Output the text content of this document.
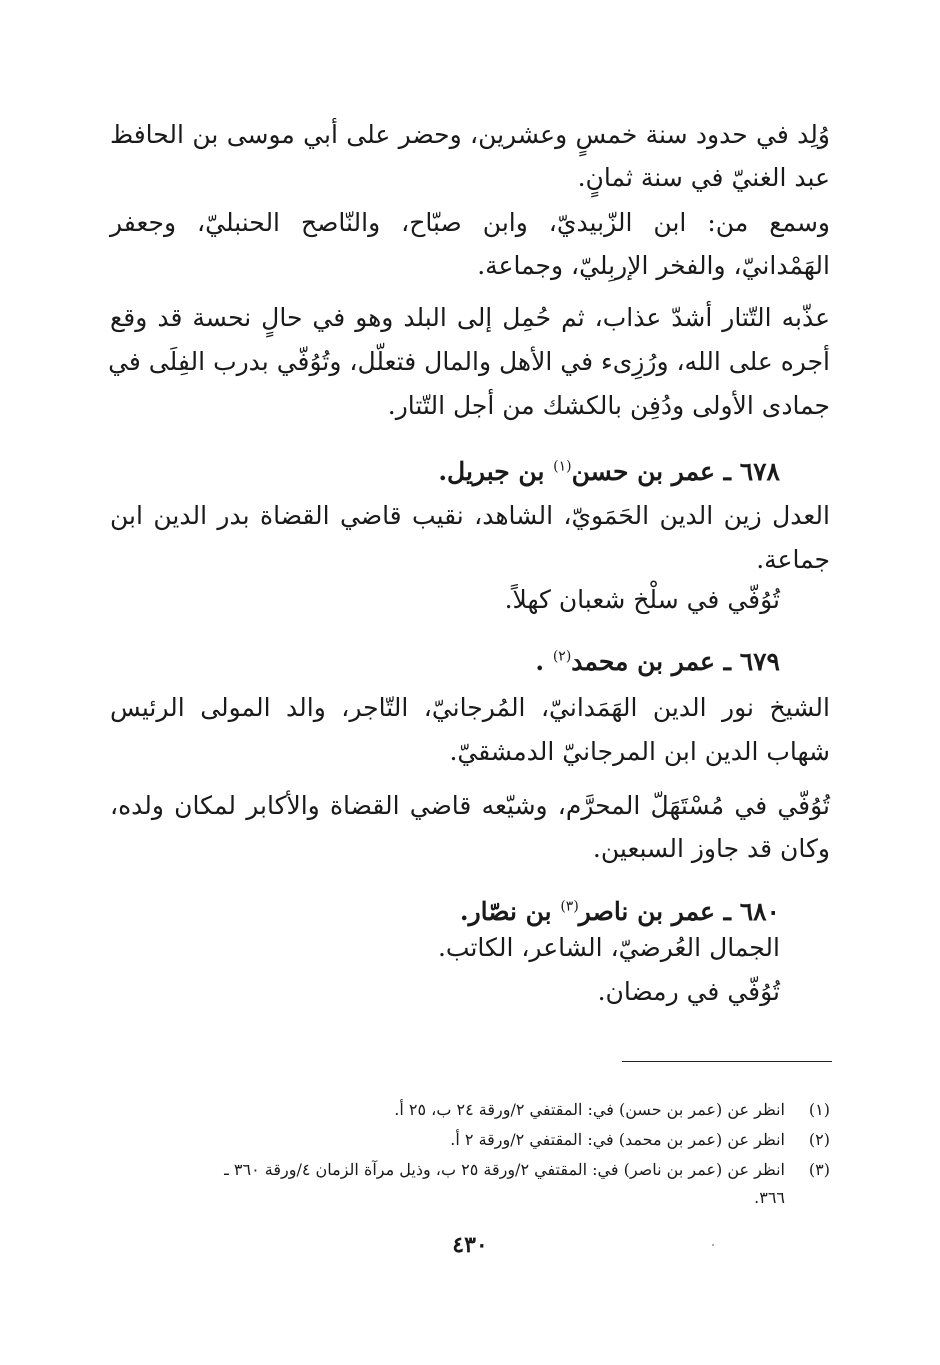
وُلِد في حدود سنة خمسٍ وعشرين، وحضر على أبي موسى بن الحافظ
عبد الغنيّ في سنة ثمانٍ.
وسمع من: ابن الزّبيديّ، وابن صبّاح، والنّاصح الحنبليّ، وجعفر
الهَمْدانيّ، والفخر الإربِليّ، وجماعة.
عذّبه التّتار أشدّ عذاب، ثم حُمِل إلى البلد وهو في حالٍ نحسة قد وقع
أجره على الله، ورُزِىء في الأهل والمال فتعلّل، وتُوُفّي بدرب الفِلَى في
جمادى الأولى ودُفِن بالكشك من أجل التّتار.
٦٧٨ ـ عمر بن حسن$^{(١)}$ بن جبريل.
العدل زين الدين الحَمَويّ، الشاهد، نقيب قاضي القضاة بدر الدين ابن
جماعة.
تُوُفّي في سلْخ شعبان كهلاً.
٦٧٩ ـ عمر بن محمد$^{(٢)}$ .
الشيخ نور الدين الهَمَدانيّ، المُرجانيّ، التّاجر، والد المولى الرئيس
شهاب الدين ابن المرجانيّ الدمشقيّ.
تُوُفّي في مُسْتَهَلّ المحرَّم، وشيّعه قاضي القضاة والأكابر لمكان ولده،
وكان قد جاوز السبعين.
٦٨٠ ـ عمر بن ناصر$^{(٣)}$ بن نصّار.
الجمال العُرضيّ، الشاعر، الكاتب.
تُوُفّي في رمضان.
(١)انظر عن (عمر بن حسن) في: المقتفي ٢/ورقة ٢٤ ب، ٢٥ أ.
(٢)انظر عن (عمر بن محمد) في: المقتفي ٢/ورقة ٢ أ.
(٣)انظر عن (عمر بن ناصر) في: المقتفي ٢/ورقة ٢٥ ب، وذيل مرآة الزمان ٤/ورقة ٣٦٠ ـ
٣٦٦.
٤٣٠
